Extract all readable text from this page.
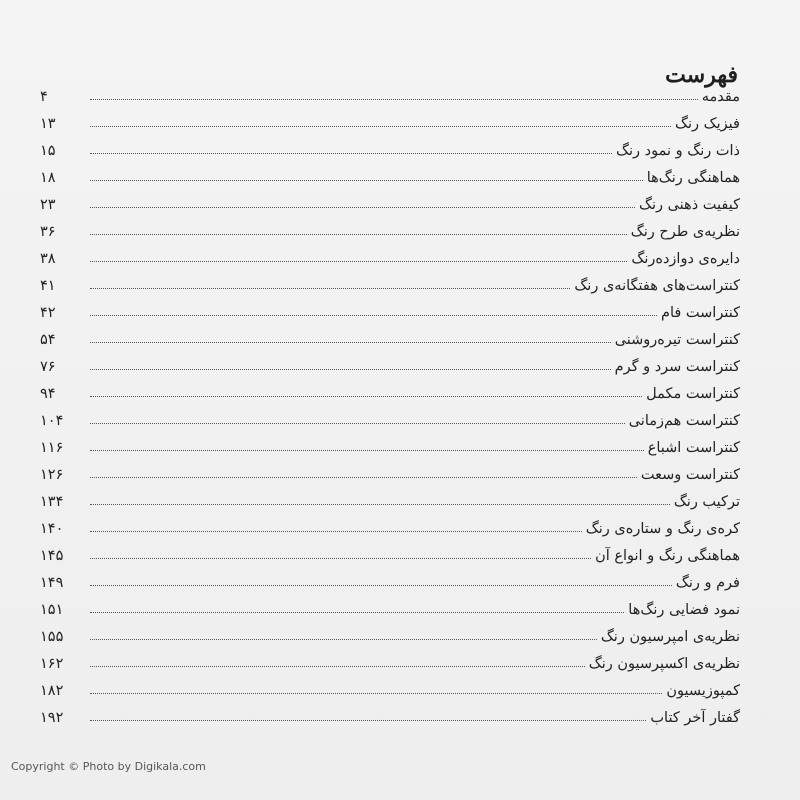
فهرست
مقدمه
۴
فیزیک رنگ
۱۳
ذات رنگ و نمود رنگ
۱۵
هماهنگی رنگ‌ها
۱۸
کیفیت ذهنی رنگ
۲۳
نظریه‌ی طرح رنگ
۳۶
دایره‌ی دوازده‌رنگ
۳۸
کنتراست‌های هفتگانه‌ی رنگ
۴۱
کنتراست فام
۴۲
کنتراست تیره‌روشنی
۵۴
کنتراست سرد و گرم
۷۶
کنتراست مکمل
۹۴
کنتراست هم‌زمانی
۱۰۴
کنتراست اشباع
۱۱۶
کنتراست وسعت
۱۲۶
ترکیب رنگ
۱۳۴
کره‌ی رنگ و ستاره‌ی رنگ
۱۴۰
هماهنگی رنگ و انواع آن
۱۴۵
فرم و رنگ
۱۴۹
نمود فضایی رنگ‌ها
۱۵۱
نظریه‌ی امپرسیون رنگ
۱۵۵
نظریه‌ی اکسپرسیون رنگ
۱۶۲
کمپوزیسیون
۱۸۲
گفتار آخر کتاب
۱۹۲
Copyright © Photo by Digikala.com
